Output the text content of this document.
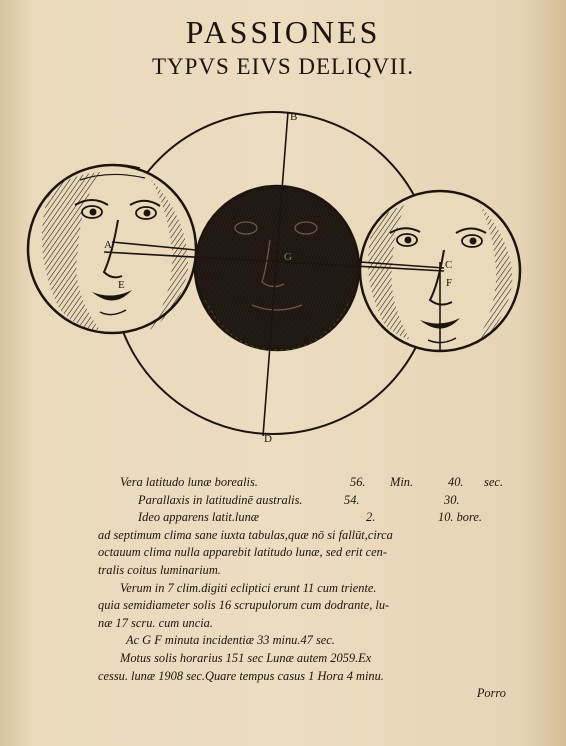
PASSIONES
TYPVS EIVS DELIQVII.
B
D
A
C
E	F
G
Vera latitudo lunæ borealis.	56. Min.	40. sec.
Parallaxis in latitudinē australis.	54.	30.
Ideo apparens latit.lunæ	2.	10. bore.
ad septimum clima sane iuxta tabulas,quæ nō si fallūt,circa
octauum clima nulla apparebit latitudo lunæ, sed erit cen-
tralis coitus luminarium.
Verum in 7 clim.digiti ecliptici erunt 11 cum triente.
quia semidiameter solis 16 scrupulorum cum dodrante, lu-
næ 17 scru. cum uncia.
Ac G F minuta incidentiæ 33 minu.47 sec.
Motus solis horarius 151 sec Lunæ autem 2059.Ex
cessu. lunæ 1908 sec.Quare tempus casus 1 Hora 4 minu.
Porro
